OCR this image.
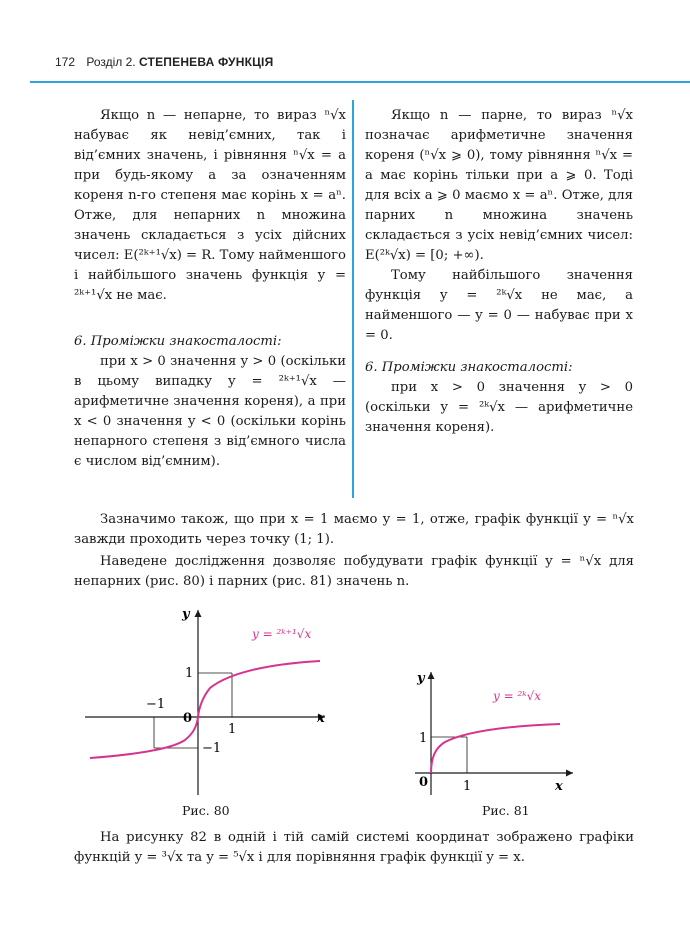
172 Розділ 2. СТЕПЕНЕВА ФУНКЦІЯ

Якщо n — непарне, то вираз ⁿ√x набуває як невід’ємних, так і від’ємних значень, і рівняння ⁿ√x = a при будь-якому a за означенням кореня n-го степеня має корінь x = aⁿ. Отже, для непарних n множина значень складається з усіх дійсних чисел: E(²ᵏ⁺¹√x) = R. Тому найменшого і найбільшого значень функція y = ²ᵏ⁺¹√x не має.

6. Проміжки знакосталості:

при x > 0 значення y > 0 (оскільки в цьому випадку y = ²ᵏ⁺¹√x — арифметичне значення кореня), а при x < 0 значення y < 0 (оскільки корінь непарного степеня з від’ємного числа є числом від’ємним).

Якщо n — парне, то вираз ⁿ√x позначає арифметичне значення кореня (ⁿ√x ⩾ 0), тому рівняння ⁿ√x = a має корінь тільки при a ⩾ 0. Тоді для всіх a ⩾ 0 маємо x = aⁿ. Отже, для парних n множина значень складається з усіх невід’ємних чисел: E(²ᵏ√x) = [0; +∞).

Тому найбільшого значення функція y = ²ᵏ√x не має, а найменшого — y = 0 — набуває при x = 0.

6. Проміжки знакосталості:

при x > 0 значення y > 0 (оскільки y = ²ᵏ√x — арифметичне значення кореня).

Зазначимо також, що при x = 1 маємо y = 1, отже, графік функції y = ⁿ√x завжди проходить через точку (1; 1).

Наведене дослідження дозволяє побудувати графік функції y = ⁿ√x для непарних (рис. 80) і парних (рис. 81) значень n.

y
x
−1
0
1
1
−1
y = ²ᵏ⁺¹√x
Рис. 80
y
x
0	1
1
y = ²ᵏ√x
Рис. 81

На рисунку 82 в одній і тій самій системі координат зображено графіки функцій y = ³√x та y = ⁵√x і для порівняння графік функції y = x.
